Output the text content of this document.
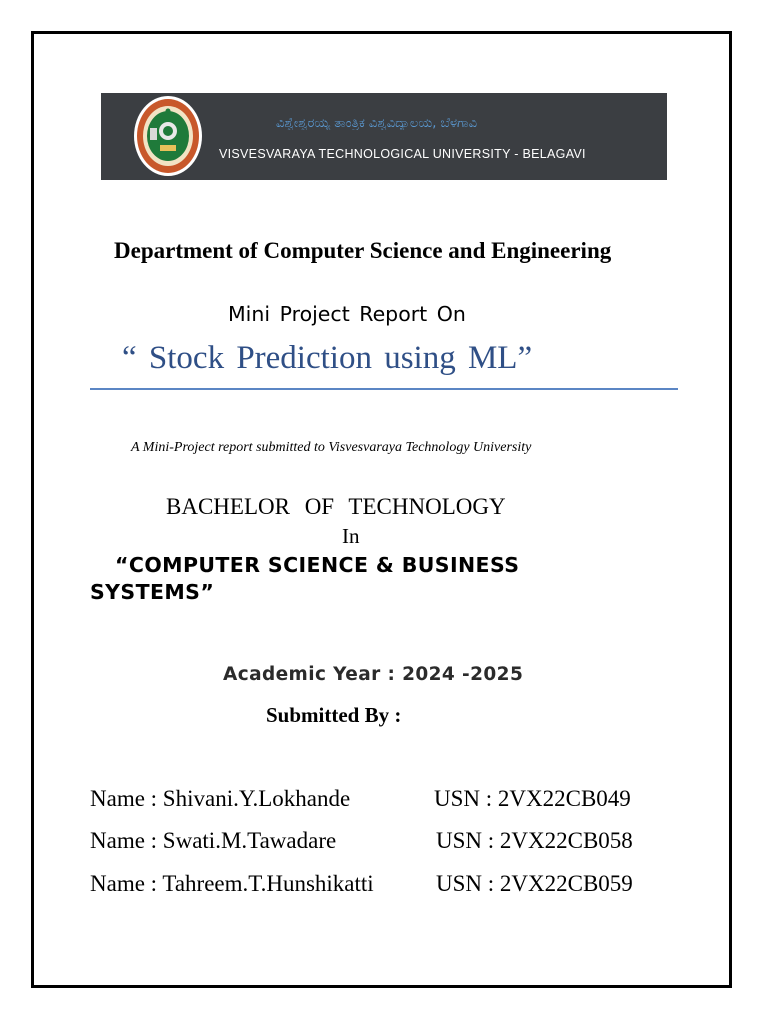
ವಿಶ್ವೇಶ್ವರಯ್ಯ ತಾಂತ್ರಿಕ ವಿಶ್ವವಿದ್ಯಾಲಯ, ಬೆಳಗಾವಿ
VISVESVARAYA TECHNOLOGICAL UNIVERSITY - BELAGAVI
Department of Computer Science and Engineering
Mini Project Report On
“ Stock Prediction using ML”
A Mini-Project report submitted to Visvesvaraya Technology University
BACHELOR OF TECHNOLOGY
In
“COMPUTER SCIENCE & BUSINESS SYSTEMS”
Academic Year : 2024 -2025
Submitted By :
Name : Shivani.Y.Lokhande	USN : 2VX22CB049
Name : Swati.M.Tawadare	USN : 2VX22CB058
Name : Tahreem.T.Hunshikatti	USN : 2VX22CB059
